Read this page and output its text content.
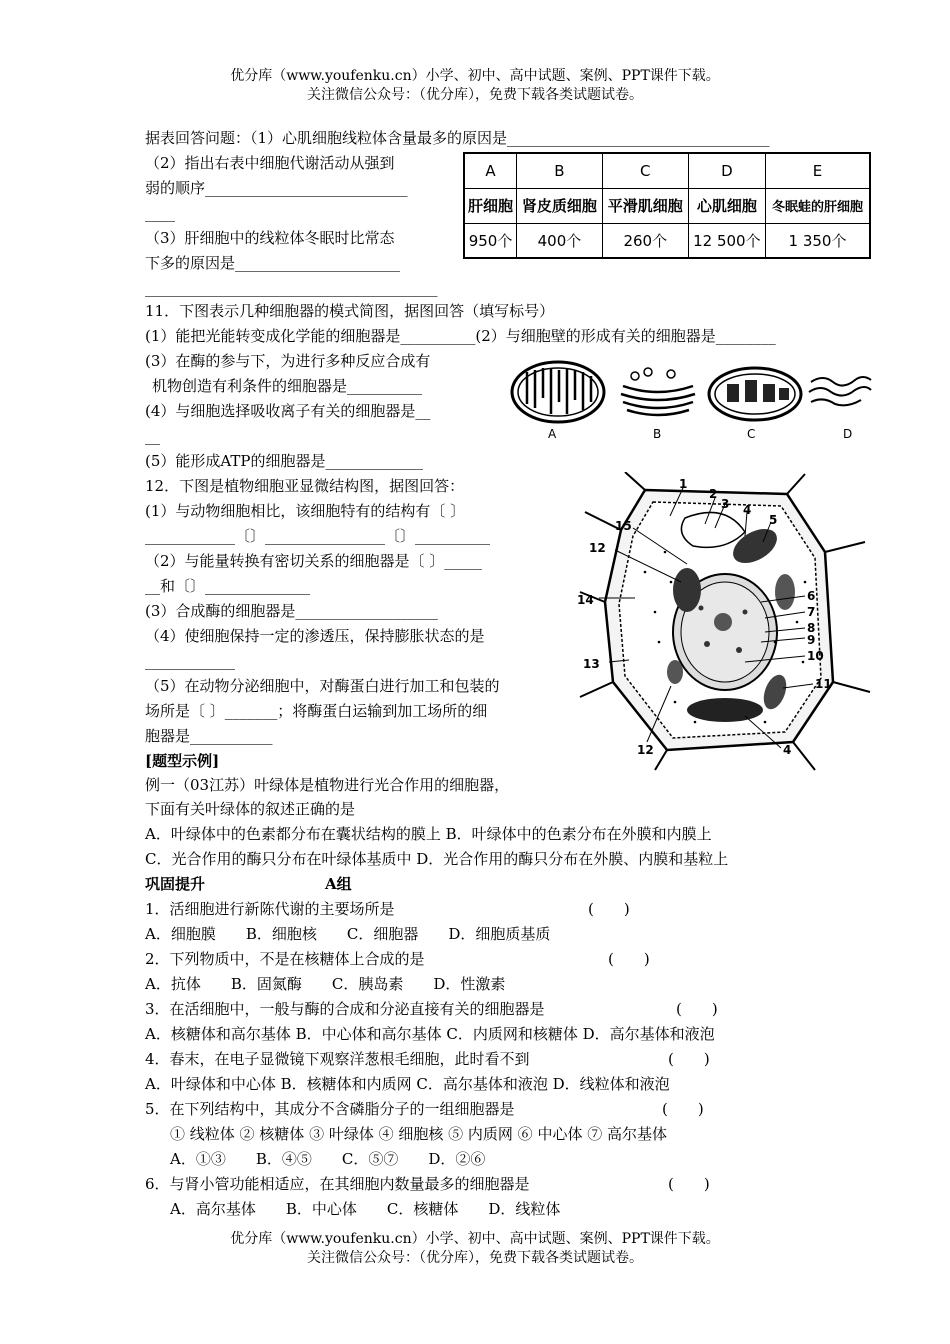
优分库（www.youfenku.cn）小学、初中、高中试题、案例、PPT课件下载。
关注微信公众号：（优分库），免费下载各类试题试卷。
据表回答问题：（1）心肌细胞线粒体含量最多的原因是___________________________________
（2）指出右表中细胞代谢活动从强到
弱的顺序___________________________
____
（3）肝细胞中的线粒体冬眠时比常态
下多的原因是______________________
_______________________________________
A	B	C	D	E
肝细胞	肾皮质细胞	平滑肌细胞	心肌细胞	冬眠蛙的肝细胞
950个	400个	260个	12 500个	1 350个
11．下图表示几种细胞器的模式简图，据图回答（填写标号）
(1）能把光能转变成化学能的细胞器是__________(2）与细胞壁的形成有关的细胞器是________
(3）在酶的参与下，为进行多种反应合成有
机物创造有利条件的细胞器是__________
(4）与细胞选择吸收离子有关的细胞器是__
__
(5）能形成ATP的细胞器是_____________
A	B	C	D
12．下图是植物细胞亚显微结构图，据图回答：
(1）与动物细胞相比，该细胞特有的结构有〔 〕
____________〔〕________________〔〕__________
（2）与能量转换有密切关系的细胞器是〔 〕_____
__和〔〕______________
(3）合成酶的细胞器是___________________
（4）使细胞保持一定的渗透压，保持膨胀状态的是
____________
（5）在动物分泌细胞中，对酶蛋白进行加工和包装的
场所是〔 〕_______；将酶蛋白运输到加工场所的细
胞器是___________
1
2
3 4
5
15
12
14	6
7
8
9
10
13
11
12	4
[题型示例]
例一（03江苏）叶绿体是植物进行光合作用的细胞器，
下面有关叶绿体的叙述正确的是
A．叶绿体中的色素都分布在囊状结构的膜上 B．叶绿体中的色素分布在外膜和内膜上
C．光合作用的酶只分布在叶绿体基质中 D．光合作用的酶只分布在外膜、内膜和基粒上
巩固提升	A组
1．活细胞进行新陈代谢的主要场所是	(　　)
A．细胞膜　　B．细胞核　　C．细胞器　　D．细胞质基质
2．下列物质中，不是在核糖体上合成的是	(　　)
A．抗体　　B．固氮酶　　C．胰岛素　　D．性激素
3．在活细胞中，一般与酶的合成和分泌直接有关的细胞器是	(　　)
A．核糖体和高尔基体 B．中心体和高尔基体 C．内质网和核糖体 D．高尔基体和液泡
4．春末，在电子显微镜下观察洋葱根毛细胞，此时看不到	(　　)
A．叶绿体和中心体 B．核糖体和内质网 C．高尔基体和液泡 D．线粒体和液泡
5．在下列结构中，其成分不含磷脂分子的一组细胞器是	(　　)
① 线粒体 ② 核糖体 ③ 叶绿体 ④ 细胞核 ⑤ 内质网 ⑥ 中心体 ⑦ 高尔基体
A．①③　　B．④⑤　　C．⑤⑦　　D．②⑥
6．与肾小管功能相适应，在其细胞内数量最多的细胞器是	(　　)
A．高尔基体　　B．中心体　　C．核糖体　　D．线粒体
优分库（www.youfenku.cn）小学、初中、高中试题、案例、PPT课件下载。
关注微信公众号：（优分库），免费下载各类试题试卷。
